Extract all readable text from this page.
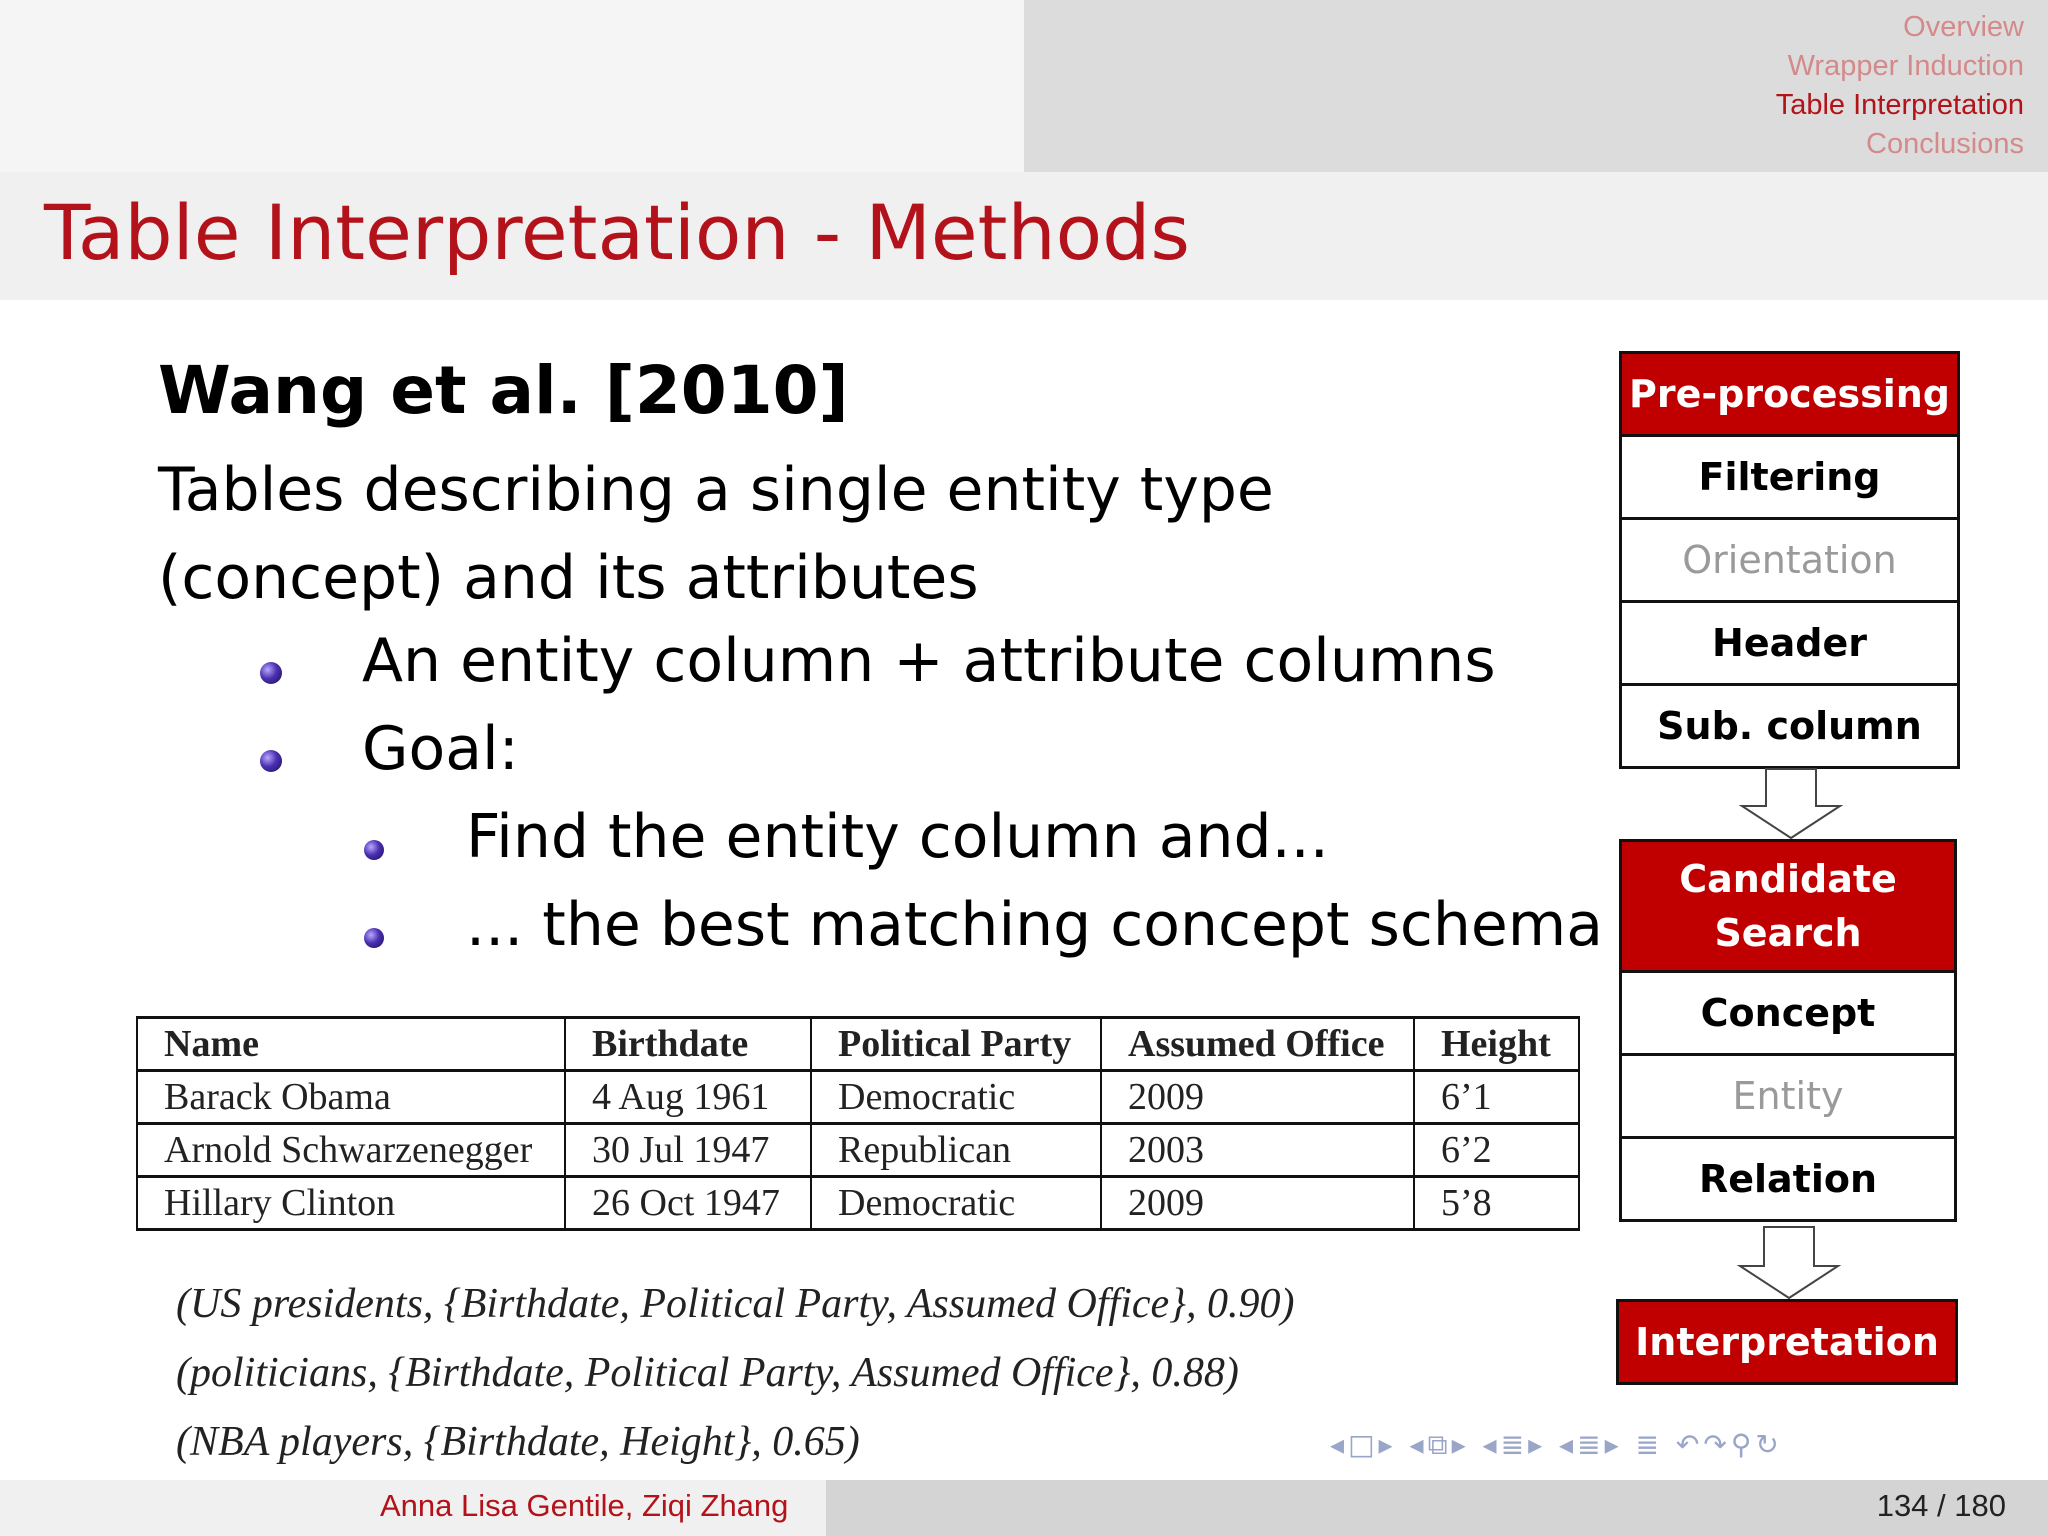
Overview
Wrapper Induction
Table Interpretation
Conclusions
Table Interpretation - Methods
Wang et al. [2010]
Tables describing a single entity type (concept) and its attributes
An entity column + attribute columns
Goal:
Find the entity column and...
... the best matching concept schema
Name	Birthdate	Political Party	Assumed Office	Height
Barack Obama	4 Aug 1961	Democratic	2009	6’1
Arnold Schwarzenegger	30 Jul 1947	Republican	2003	6’2
Hillary Clinton	26 Oct 1947	Democratic	2009	5’8
(US presidents, {Birthdate, Political Party, Assumed Office}, 0.90)
(politicians, {Birthdate, Political Party, Assumed Office}, 0.88)
(NBA players, {Birthdate, Height}, 0.65)
Pre-processing
Filtering
Orientation
Header
Sub. column
Candidate Search
Concept
Entity
Relation
Interpretation
◂□▸ ◂⧉▸ ◂≣▸ ◂≣▸ ≣ ↶↷⚲↻
Anna Lisa Gentile, Ziqi Zhang	134 / 180
